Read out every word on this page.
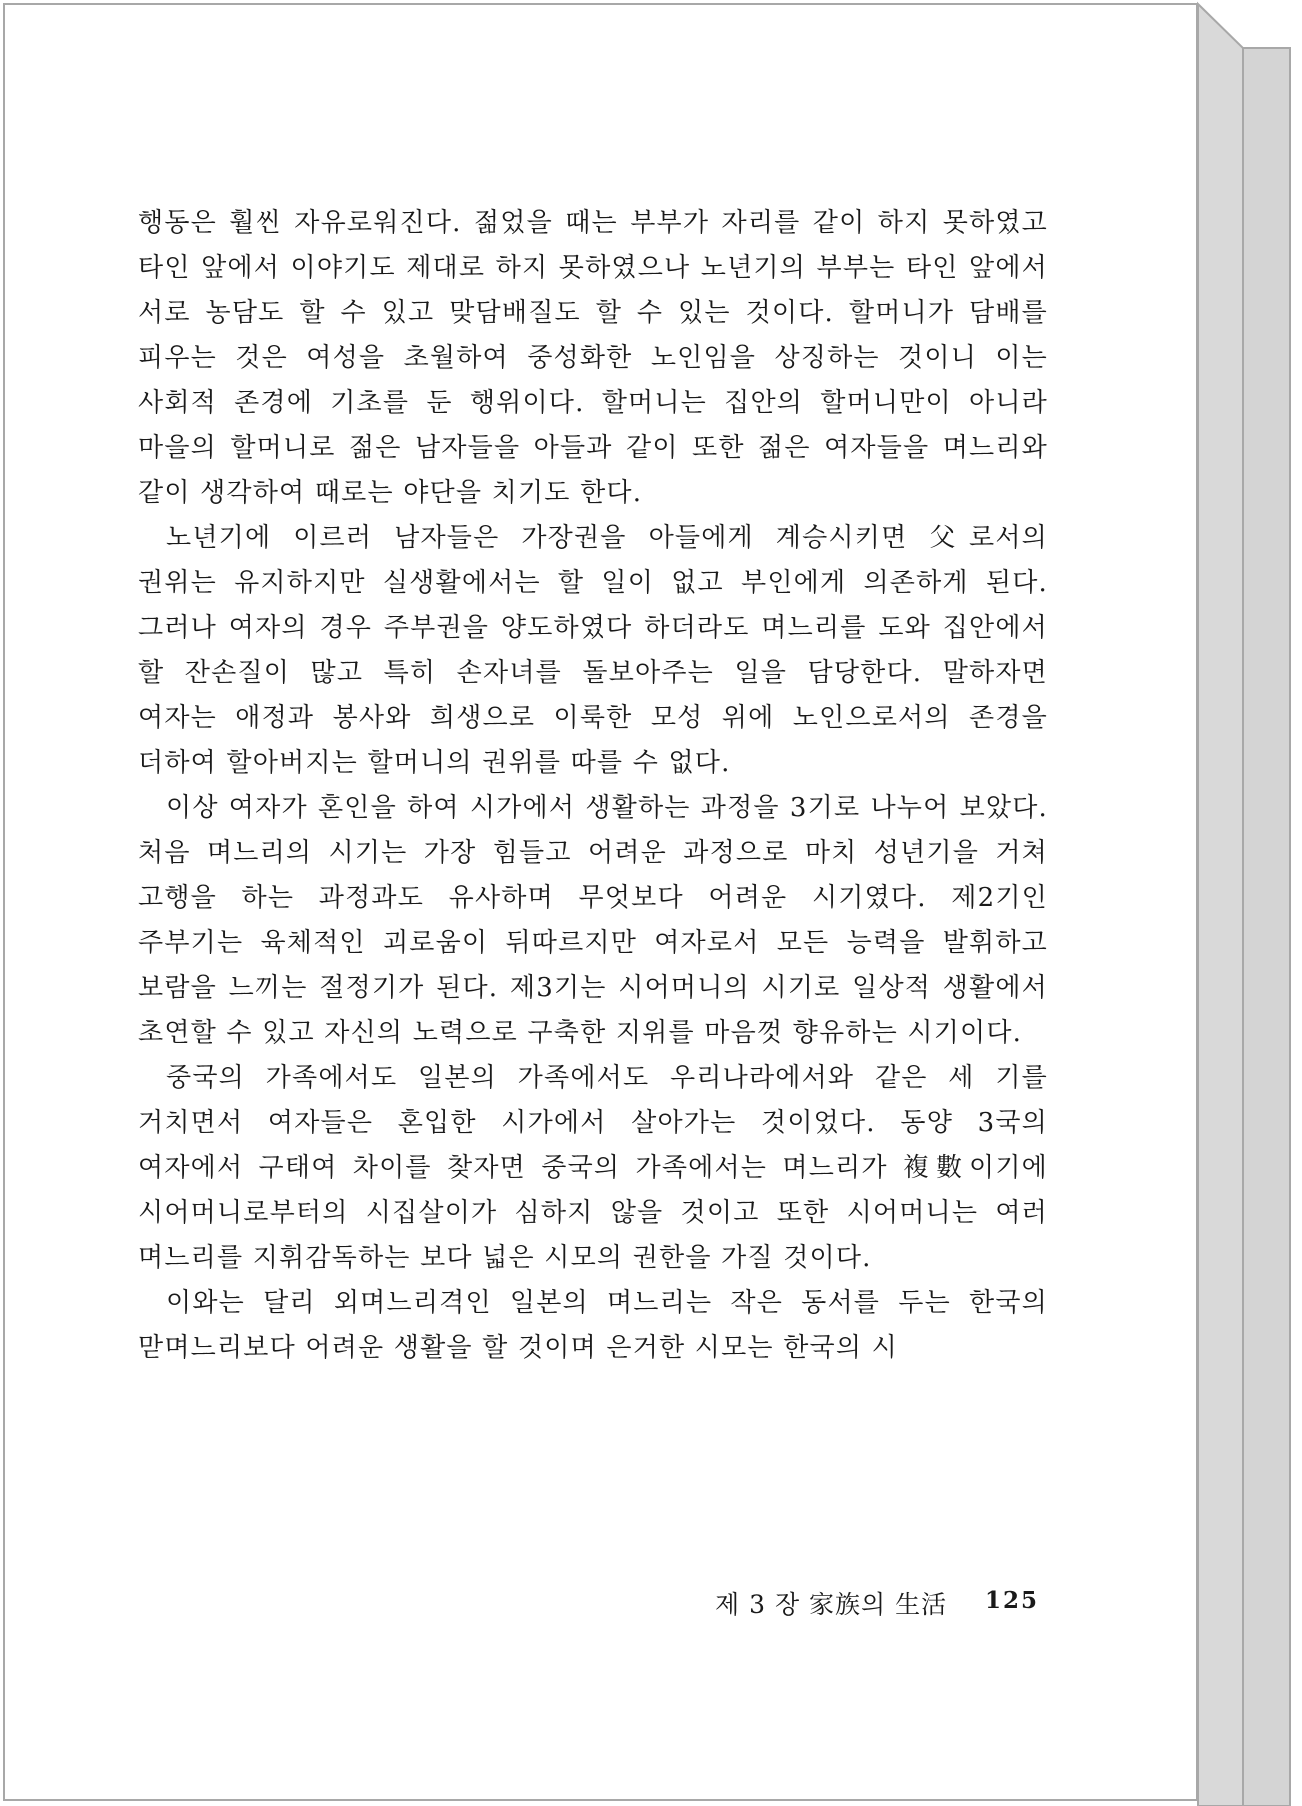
행동은 훨씬 자유로워진다. 젊었을 때는 부부가 자리를 같이 하지 못하였고 타인 앞에서 이야기도 제대로 하지 못하였으나 노년기의 부부는 타인 앞에서 서로 농담도 할 수 있고 맞담배질도 할 수 있는 것이다. 할머니가 담배를 피우는 것은 여성을 초월하여 중성화한 노인임을 상징하는 것이니 이는 사회적 존경에 기초를 둔 행위이다. 할머니는 집안의 할머니만이 아니라 마을의 할머니로 젊은 남자들을 아들과 같이 또한 젊은 여자들을 며느리와 같이 생각하여 때로는 야단을 치기도 한다.

노년기에 이르러 남자들은 가장권을 아들에게 계승시키면 父로서의 권위는 유지하지만 실생활에서는 할 일이 없고 부인에게 의존하게 된다. 그러나 여자의 경우 주부권을 양도하였다 하더라도 며느리를 도와 집안에서 할 잔손질이 많고 특히 손자녀를 돌보아주는 일을 담당한다. 말하자면 여자는 애정과 봉사와 희생으로 이룩한 모성 위에 노인으로서의 존경을 더하여 할아버지는 할머니의 권위를 따를 수 없다.

이상 여자가 혼인을 하여 시가에서 생활하는 과정을 3기로 나누어 보았다. 처음 며느리의 시기는 가장 힘들고 어려운 과정으로 마치 성년기을 거쳐 고행을 하는 과정과도 유사하며 무엇보다 어려운 시기였다. 제2기인 주부기는 육체적인 괴로움이 뒤따르지만 여자로서 모든 능력을 발휘하고 보람을 느끼는 절정기가 된다. 제3기는 시어머니의 시기로 일상적 생활에서 초연할 수 있고 자신의 노력으로 구축한 지위를 마음껏 향유하는 시기이다.

중국의 가족에서도 일본의 가족에서도 우리나라에서와 같은 세 기를 거치면서 여자들은 혼입한 시가에서 살아가는 것이었다. 동양 3국의 여자에서 구태여 차이를 찾자면 중국의 가족에서는 며느리가 複數이기에 시어머니로부터의 시집살이가 심하지 않을 것이고 또한 시어머니는 여러 며느리를 지휘감독하는 보다 넓은 시모의 권한을 가질 것이다.

이와는 달리 외며느리격인 일본의 며느리는 작은 동서를 두는 한국의 맏며느리보다 어려운 생활을 할 것이며 은거한 시모는 한국의 시

제 3 장 家族의 生活 125
